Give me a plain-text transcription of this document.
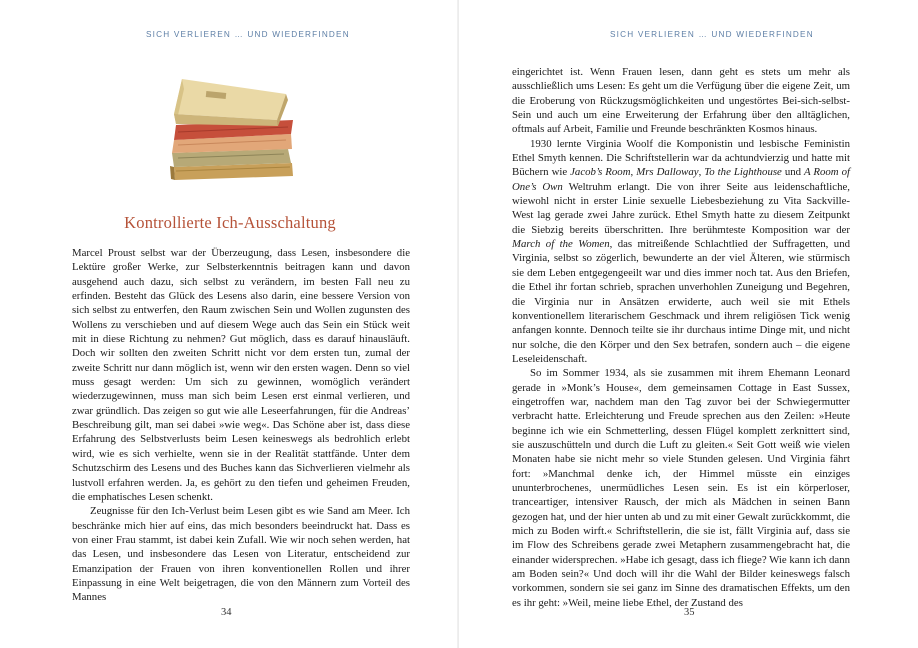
SICH VERLIEREN … UND WIEDERFINDEN
Kontrollierte Ich-Ausschaltung

Marcel Proust selbst war der Überzeugung, dass Lesen, insbesondere die Lektüre großer Werke, zur Selbsterkenntnis beitragen kann und davon ausgehend auch dazu, sich selbst zu verändern, im besten Fall neu zu erfinden. Besteht das Glück des Lesens also darin, eine bessere Version von sich selbst zu entwerfen, den Raum zwischen Sein und Wollen zugunsten des Wollens zu verschieben und auf diesem Wege auch das Sein ein Stück weit mit in diese Richtung zu nehmen? Gut möglich, dass es darauf hinausläuft. Doch wir sollten den zweiten Schritt nicht vor dem ersten tun, zumal der zweite Schritt nur dann möglich ist, wenn wir den ersten wagen. Denn so viel muss gesagt werden: Um sich zu gewinnen, womöglich verändert wiederzugewinnen, muss man sich beim Lesen erst einmal verlieren, und zwar gründlich. Das zeigen so gut wie alle Leseerfahrungen, für die Andreas’ Beschreibung gilt, man sei dabei »wie weg«. Das Schöne aber ist, dass diese Erfahrung des Selbstverlusts beim Lesen keineswegs als bedrohlich erlebt wird, wie es sich verhielte, wenn sie in der Realität stattfände. Unter dem Schutzschirm des Lesens und des Buches kann das Sichverlieren vielmehr als lustvoll erfahren werden. Ja, es gehört zu den tiefen und geheimen Freuden, die emphatisches Lesen schenkt.

Zeugnisse für den Ich-Verlust beim Lesen gibt es wie Sand am Meer. Ich beschränke mich hier auf eins, das mich besonders beeindruckt hat. Dass es von einer Frau stammt, ist dabei kein Zufall. Wie wir noch sehen werden, hat das Lesen, und insbesondere das Lesen von Literatur, entscheidend zur Emanzipation der Frauen von ihren konventionellen Rollen und ihrer Einpassung in eine Welt beigetragen, die von den Männern zum Vorteil des Mannes

34
SICH VERLIEREN … UND WIEDERFINDEN

eingerichtet ist. Wenn Frauen lesen, dann geht es stets um mehr als ausschließlich ums Lesen: Es geht um die Verfügung über die eigene Zeit, um die Eroberung von Rückzugsmöglichkeiten und ungestörtes Bei-sich-selbst-Sein und auch um eine Erweiterung der Erfahrung über den alltäglichen, oftmals auf Arbeit, Familie und Freunde beschränkten Kosmos hinaus.

1930 lernte Virginia Woolf die Komponistin und lesbische Feministin Ethel Smyth kennen. Die Schriftstellerin war da achtundvierzig und hatte mit Büchern wie Jacob’s Room, Mrs Dalloway, To the Lighthouse und A Room of One’s Own Weltruhm erlangt. Die von ihrer Seite aus leidenschaftliche, wiewohl nicht in erster Linie sexuelle Liebesbeziehung zu Vita Sackville-West lag gerade zwei Jahre zurück. Ethel Smyth hatte zu diesem Zeitpunkt die Siebzig bereits überschritten. Ihre berühmteste Komposition war der March of the Women, das mitreißende Schlachtlied der Suffragetten, und Virginia, selbst so zögerlich, bewunderte an der viel Älteren, wie stürmisch sie dem Leben entgegengeeilt war und dies immer noch tat. Aus den Briefen, die Ethel ihr fortan schrieb, sprachen unverhohlen Zuneigung und Begehren, die Virginia nur in Ansätzen erwiderte, auch weil sie mit Ethels konventionellem literarischem Geschmack und ihrem religiösen Tick wenig anfangen konnte. Dennoch teilte sie ihr durchaus intime Dinge mit, und nicht nur solche, die den Körper und den Sex betrafen, sondern auch – die eigene Leseleidenschaft.

So im Sommer 1934, als sie zusammen mit ihrem Ehemann Leonard gerade in »Monk’s House«, dem gemeinsamen Cottage in East Sussex, eingetroffen war, nachdem man den Tag zuvor bei der Schwiegermutter verbracht hatte. Erleichterung und Freude sprechen aus den Zeilen: »Heute beginne ich wie ein Schmetterling, dessen Flügel komplett zerknittert sind, sie auszuschütteln und durch die Luft zu gleiten.« Seit Gott weiß wie vielen Monaten habe sie nicht mehr so viele Stunden gelesen. Und Virginia fährt fort: »Manchmal denke ich, der Himmel müsste ein einziges ununterbrochenes, unermüdliches Lesen sein. Es ist ein körperloser, tranceartiger, intensiver Rausch, der mich als Mädchen in seinen Bann gezogen hat, und der hier unten ab und zu mit einer Gewalt zurückkommt, die mich zu Boden wirft.« Schriftstellerin, die sie ist, fällt Virginia auf, dass sie im Flow des Schreibens gerade zwei Metaphern zusammengebracht hat, die einander widersprechen. »Habe ich gesagt, dass ich fliege? Wie kann ich dann am Boden sein?« Und doch will ihr die Wahl der Bilder keineswegs falsch vorkommen, sondern sie sei ganz im Sinne des dramatischen Effekts, um den es ihr geht: »Weil, meine liebe Ethel, der Zustand des

35
